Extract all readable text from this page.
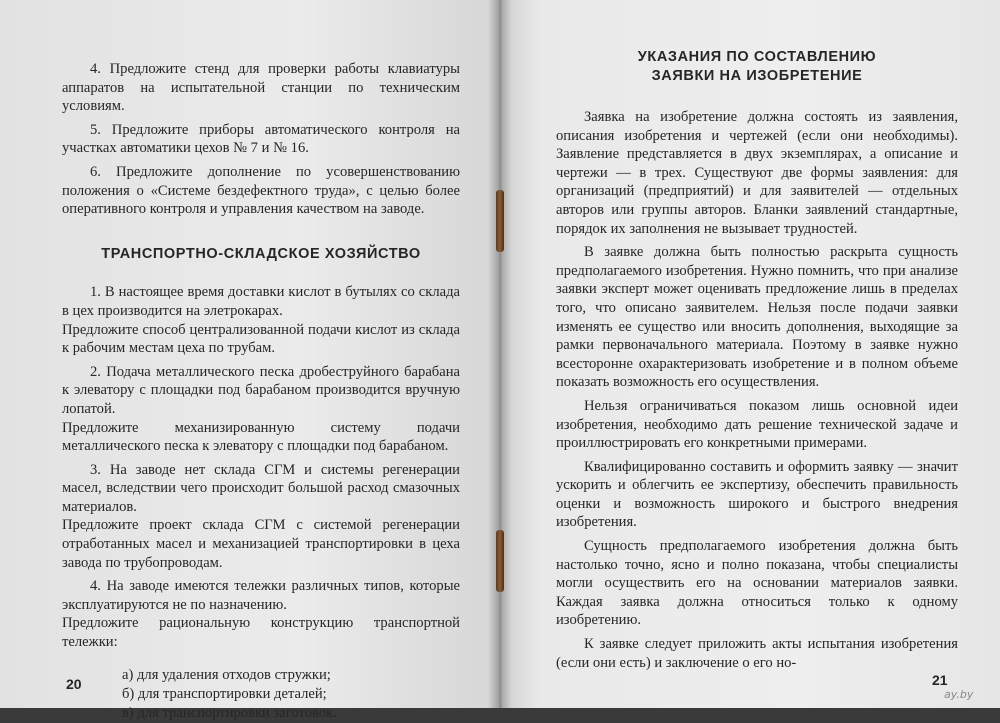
4. Предложите стенд для проверки работы клавиатуры аппаратов на испытательной станции по техническим условиям.

5. Предложите приборы автоматического контроля на участках автоматики цехов № 7 и № 16.

6. Предложите дополнение по усовершенствованию положения о «Системе бездефектного труда», с целью более оперативного контроля и управления качеством на заводе.

ТРАНСПОРТНО-СКЛАДСКОЕ ХОЗЯЙСТВО

1. В настоящее время доставки кислот в бутылях со склада в цех производится на элетрокарах.

Предложите способ централизованной подачи кислот из склада к рабочим местам цеха по трубам.

2. Подача металлического песка дробеструйного барабана к элеватору с площадки под барабаном производится вручную лопатой.

Предложите механизированную систему подачи металлического песка к элеватору с площадки под барабаном.

3. На заводе нет склада СГМ и системы регенерации масел, вследствии чего происходит большой расход смазочных материалов.

Предложите проект склада СГМ с системой регенерации отработанных масел и механизацией транспортировки в цеха завода по трубопроводам.

4. На заводе имеются тележки различных типов, которые эксплуатируются не по назначению.

Предложите рациональную конструкцию транспортной тележки:

а) для удаления отходов стружки;

б) для транспортировки деталей;

в) для транспортировки заготовок.

20
УКАЗАНИЯ ПО СОСТАВЛЕНИЮ
ЗАЯВКИ НА ИЗОБРЕТЕНИЕ

Заявка на изобретение должна состоять из заявления, описания изобретения и чертежей (если они необходимы). Заявление представляется в двух экземплярах, а описание и чертежи — в трех. Существуют две формы заявления: для организаций (предприятий) и для заявителей — отдельных авторов или группы авторов. Бланки заявлений стандартные, порядок их заполнения не вызывает трудностей.

В заявке должна быть полностью раскрыта сущность предполагаемого изобретения. Нужно помнить, что при анализе заявки эксперт может оценивать предложение лишь в пределах того, что описано заявителем. Нельзя после подачи заявки изменять ее существо или вносить дополнения, выходящие за рамки первоначального материала. Поэтому в заявке нужно всесторонне охарактеризовать изобретение и в полном объеме показать возможность его осуществления.

Нельзя ограничиваться показом лишь основной идеи изобретения, необходимо дать решение технической задаче и проиллюстрировать его конкретными примерами.

Квалифицированно составить и оформить заявку — значит ускорить и облегчить ее экспертизу, обеспечить правильность оценки и возможность широкого и быстрого внедрения изобретения.

Сущность предполагаемого изобретения должна быть настолько точно, ясно и полно показана, чтобы специалисты могли осуществить его на основании материалов заявки. Каждая заявка должна относиться только к одному изобретению.

К заявке следует приложить акты испытания изобретения (если они есть) и заключение о его но-

21
ay.by
